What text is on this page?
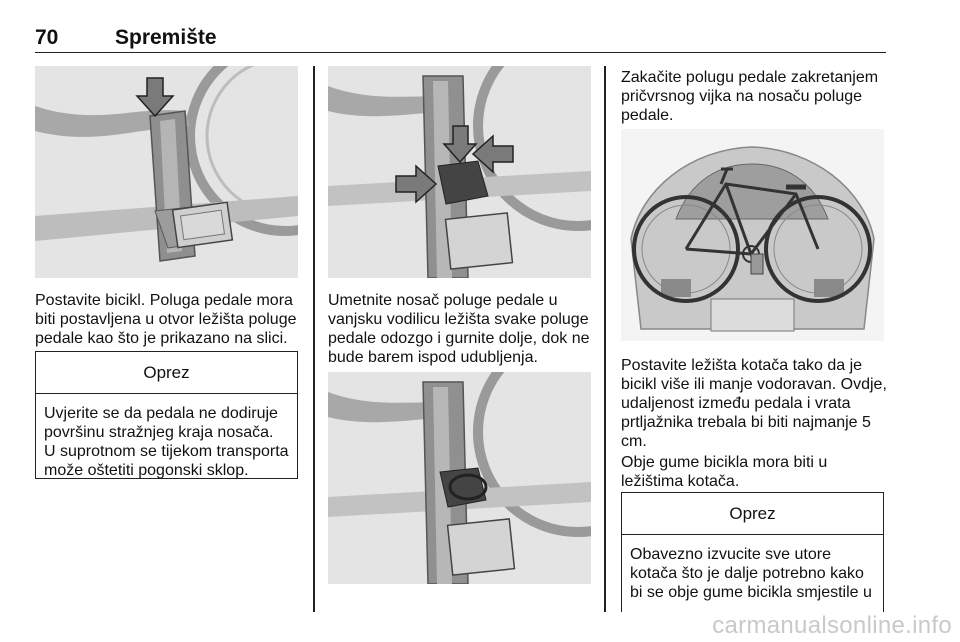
70	Spremište
Postavite bicikl. Poluga pedale mora biti postavljena u otvor ležišta poluge pedale kao što je prikazano na slici.
Oprez
Uvjerite se da pedala ne dodiruje površinu stražnjeg kraja nosača. U suprotnom se tijekom transporta može oštetiti pogonski sklop.
Umetnite nosač poluge pedale u vanjsku vodilicu ležišta svake poluge pedale odozgo i gurnite dolje, dok ne bude barem ispod udubljenja.
Zakačite polugu pedale zakretanjem pričvrsnog vijka na nosaču poluge pedale.
Postavite ležišta kotača tako da je bicikl više ili manje vodoravan. Ovdje, udaljenost između pedala i vrata prtljažnika trebala bi biti najmanje 5 cm.
Obje gume bicikla mora biti u ležištima kotača.
Oprez
Obavezno izvucite sve utore kotača što je dalje potrebno kako bi se obje gume bicikla smjestile u
carmanualsonline.info
